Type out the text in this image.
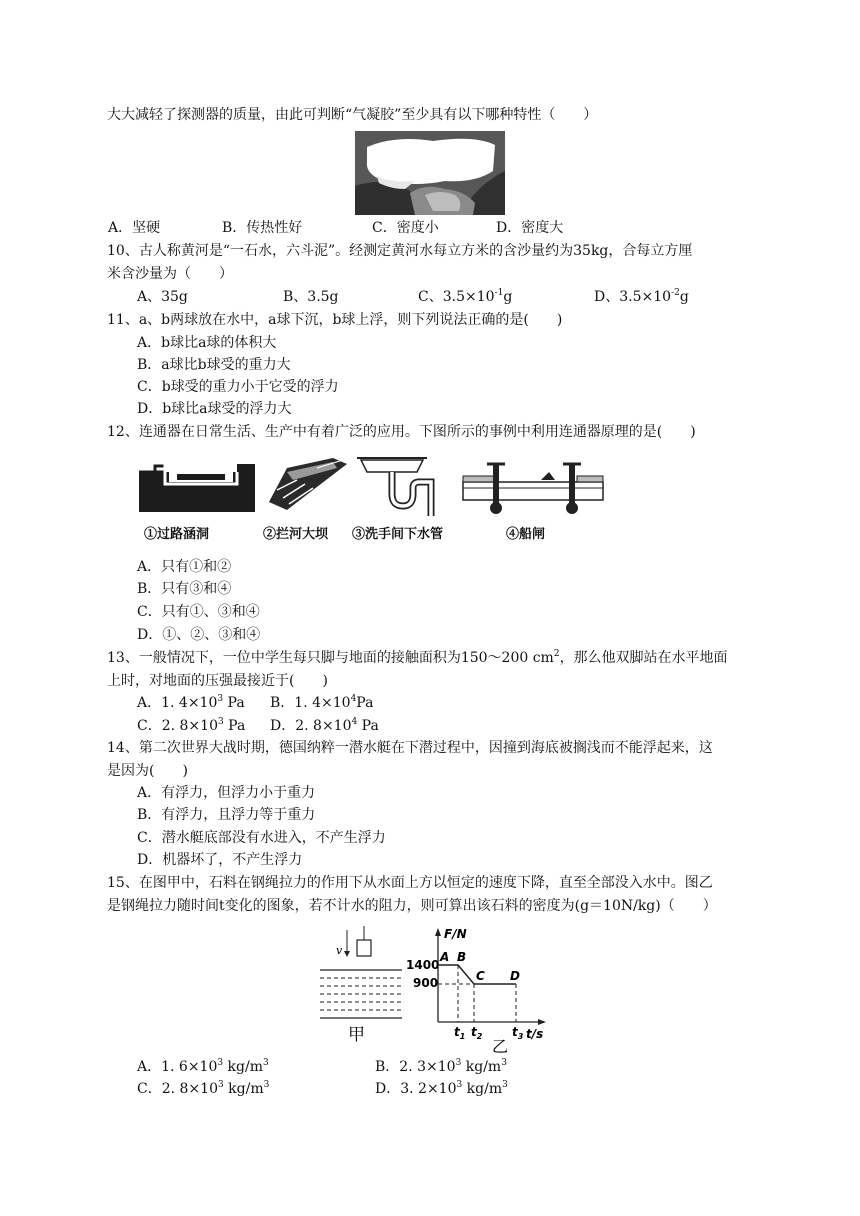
大大减轻了探测器的质量，由此可判断“气凝胶”至少具有以下哪种特性（　　）
A．坚硬	B．传热性好	C．密度小	D．密度大
10、古人称黄河是“一石水，六斗泥”。经测定黄河水每立方米的含沙量约为35kg，合每立方厘
米含沙量为（　　）
A、35g	B、3.5g	C、$3.5\times 10^{-1}g$	D、$3.5\times 10^{-2}g$
11、a、b两球放在水中，a球下沉，b球上浮，则下列说法正确的是(　　)
A．b球比a球的体积大
B．a球比b球受的重力大
C．b球受的重力小于它受的浮力
D．b球比a球受的浮力大
12、连通器在日常生活、生产中有着广泛的应用。下图所示的事例中利用连通器原理的是(　　)
①过路涵洞	②拦河大坝 ③洗手间下水管	④船闸
A．只有①和②
B．只有③和④
C．只有①、③和④
D．①、②、③和④
13、一般情况下，一位中学生每只脚与地面的接触面积为150～200 $cm^2$，那么他双脚站在水平地面
上时，对地面的压强最接近于(　　)
A．1. $4\times 10^3$ Pa B．1. $4\times 10^4Pa$
C．2. $8\times 10^3$ Pa D．2. $8\times 10^4$ Pa
14、第二次世界大战时期，德国纳粹一潜水艇在下潜过程中，因撞到海底被搁浅而不能浮起来，这
是因为(　　)
A．有浮力，但浮力小于重力
B．有浮力，且浮力等于重力
C．潜水艇底部没有水进入，不产生浮力
D．机器坏了，不产生浮力
15、在图甲中，石料在钢绳拉力的作用下从水面上方以恒定的速度下降，直至全部没入水中。图乙
是钢绳拉力随时间t变化的图象，若不计水的阻力，则可算出该石料的密度为(g＝10N/kg)（　　）
v
甲
F/N
t/s
1400
900
A B
C D
$t_1$ $t_2$ $t_3$
乙
A．1. $6\times 10^3$ $kg/m^3$	B．2. $3\times 10^3$ $kg/m^3$
C．2. $8\times 10^3$ $kg/m^3$	D．3. $2\times 10^3$ $kg/m^3$
